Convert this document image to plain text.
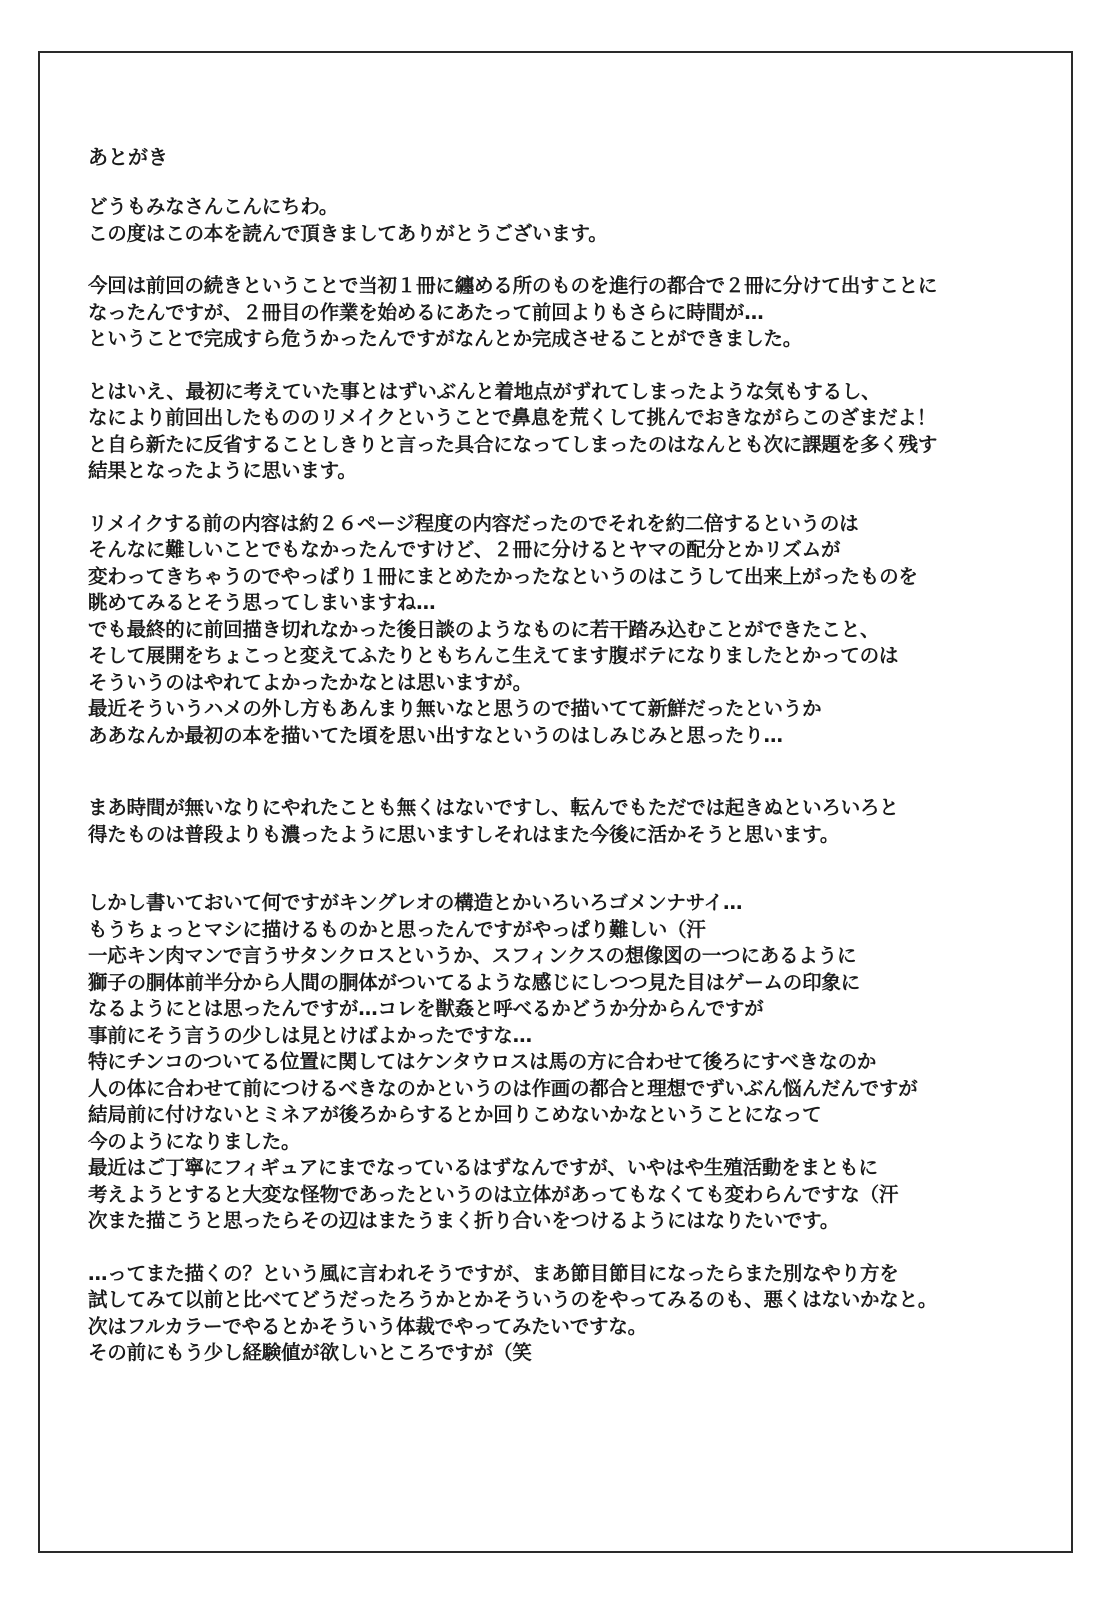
あとがき
どうもみなさんこんにちわ。
この度はこの本を読んで頂きましてありがとうございます。
今回は前回の続きということで当初１冊に纏める所のものを進行の都合で２冊に分けて出すことに
なったんですが、２冊目の作業を始めるにあたって前回よりもさらに時間が…
ということで完成すら危うかったんですがなんとか完成させることができました。
とはいえ、最初に考えていた事とはずいぶんと着地点がずれてしまったような気もするし、
なにより前回出したもののリメイクということで鼻息を荒くして挑んでおきながらこのざまだよ！
と自ら新たに反省することしきりと言った具合になってしまったのはなんとも次に課題を多く残す
結果となったように思います。
リメイクする前の内容は約２６ページ程度の内容だったのでそれを約二倍するというのは
そんなに難しいことでもなかったんですけど、２冊に分けるとヤマの配分とかリズムが
変わってきちゃうのでやっぱり１冊にまとめたかったなというのはこうして出来上がったものを
眺めてみるとそう思ってしまいますね…
でも最終的に前回描き切れなかった後日談のようなものに若干踏み込むことができたこと、
そして展開をちょこっと変えてふたりともちんこ生えてます腹ボテになりましたとかってのは
そういうのはやれてよかったかなとは思いますが。
最近そういうハメの外し方もあんまり無いなと思うので描いてて新鮮だったというか
ああなんか最初の本を描いてた頃を思い出すなというのはしみじみと思ったり…
まあ時間が無いなりにやれたことも無くはないですし、転んでもただでは起きぬといろいろと
得たものは普段よりも濃ったように思いますしそれはまた今後に活かそうと思います。
しかし書いておいて何ですがキングレオの構造とかいろいろゴメンナサイ…
もうちょっとマシに描けるものかと思ったんですがやっぱり難しい（汗
一応キン肉マンで言うサタンクロスというか、スフィンクスの想像図の一つにあるように
獅子の胴体前半分から人間の胴体がついてるような感じにしつつ見た目はゲームの印象に
なるようにとは思ったんですが…コレを獣姦と呼べるかどうか分からんですが
事前にそう言うの少しは見とけばよかったですな…
特にチンコのついてる位置に関してはケンタウロスは馬の方に合わせて後ろにすべきなのか
人の体に合わせて前につけるべきなのかというのは作画の都合と理想でずいぶん悩んだんですが
結局前に付けないとミネアが後ろからするとか回りこめないかなということになって
今のようになりました。
最近はご丁寧にフィギュアにまでなっているはずなんですが、いやはや生殖活動をまともに
考えようとすると大変な怪物であったというのは立体があってもなくても変わらんですな（汗
次また描こうと思ったらその辺はまたうまく折り合いをつけるようにはなりたいです。
…ってまた描くの？という風に言われそうですが、まあ節目節目になったらまた別なやり方を
試してみて以前と比べてどうだったろうかとかそういうのをやってみるのも、悪くはないかなと。
次はフルカラーでやるとかそういう体裁でやってみたいですな。
その前にもう少し経験値が欲しいところですが（笑
